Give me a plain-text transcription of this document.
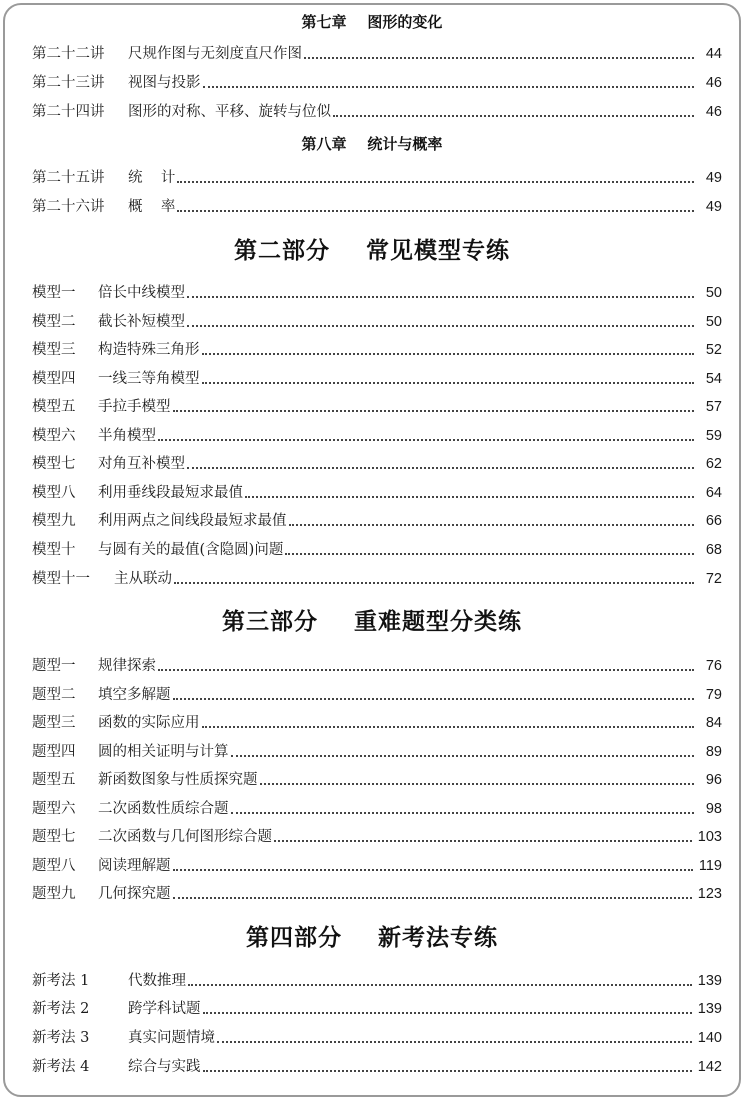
第七章    图形的变化
第二十二讲	尺规作图与无刻度直尺作图	44
第二十三讲	视图与投影	46
第二十四讲	图形的对称、平移、旋转与位似	46
第八章    统计与概率
第二十五讲	统    计	49
第二十六讲	概    率	49
第二部分    常见模型专练
模型一	倍长中线模型	50
模型二	截长补短模型	50
模型三	构造特殊三角形	52
模型四	一线三等角模型	54
模型五	手拉手模型	57
模型六	半角模型	59
模型七	对角互补模型	62
模型八	利用垂线段最短求最值	64
模型九	利用两点之间线段最短求最值	66
模型十	与圆有关的最值(含隐圆)问题	68
模型十一	主从联动	72
第三部分    重难题型分类练
题型一	规律探索	76
题型二	填空多解题	79
题型三	函数的实际应用	84
题型四	圆的相关证明与计算	89
题型五	新函数图象与性质探究题	96
题型六	二次函数性质综合题	98
题型七	二次函数与几何图形综合题	103
题型八	阅读理解题	119
题型九	几何探究题	123
第四部分    新考法专练
新考法 1	代数推理	139
新考法 2	跨学科试题	139
新考法 3	真实问题情境	140
新考法 4	综合与实践	142
